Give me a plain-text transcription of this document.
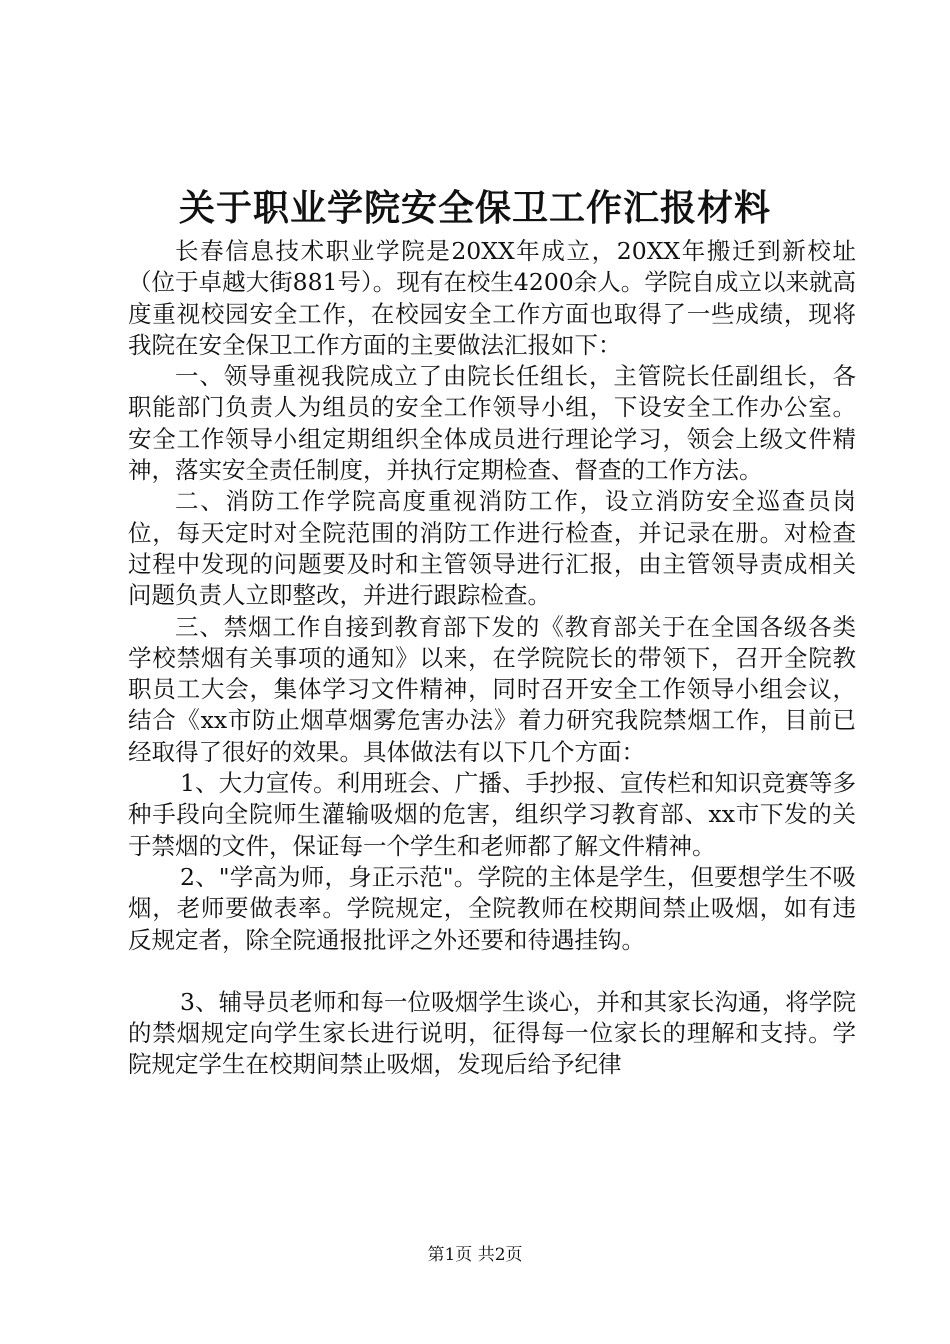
关于职业学院安全保卫工作汇报材料

长春信息技术职业学院是20XX年成立，20XX年搬迁到新校址（位于卓越大街881号）。现有在校生4200余人。学院自成立以来就高度重视校园安全工作，在校园安全工作方面也取得了一些成绩，现将我院在安全保卫工作方面的主要做法汇报如下：

一、领导重视我院成立了由院长任组长，主管院长任副组长，各职能部门负责人为组员的安全工作领导小组，下设安全工作办公室。安全工作领导小组定期组织全体成员进行理论学习，领会上级文件精神，落实安全责任制度，并执行定期检查、督查的工作方法。

二、消防工作学院高度重视消防工作，设立消防安全巡查员岗位，每天定时对全院范围的消防工作进行检查，并记录在册。对检查过程中发现的问题要及时和主管领导进行汇报，由主管领导责成相关问题负责人立即整改，并进行跟踪检查。

三、禁烟工作自接到教育部下发的《教育部关于在全国各级各类学校禁烟有关事项的通知》以来，在学院院长的带领下，召开全院教职员工大会，集体学习文件精神，同时召开安全工作领导小组会议，结合《xx市防止烟草烟雾危害办法》着力研究我院禁烟工作，目前已经取得了很好的效果。具体做法有以下几个方面：

1、大力宣传。利用班会、广播、手抄报、宣传栏和知识竞赛等多种手段向全院师生灌输吸烟的危害，组织学习教育部、xx市下发的关于禁烟的文件，保证每一个学生和老师都了解文件精神。

2、"学高为师，身正示范"。学院的主体是学生，但要想学生不吸烟，老师要做表率。学院规定，全院教师在校期间禁止吸烟，如有违反规定者，除全院通报批评之外还要和待遇挂钩。

3、辅导员老师和每一位吸烟学生谈心，并和其家长沟通，将学院的禁烟规定向学生家长进行说明，征得每一位家长的理解和支持。学院规定学生在校期间禁止吸烟，发现后给予纪律

第1页 共2页
